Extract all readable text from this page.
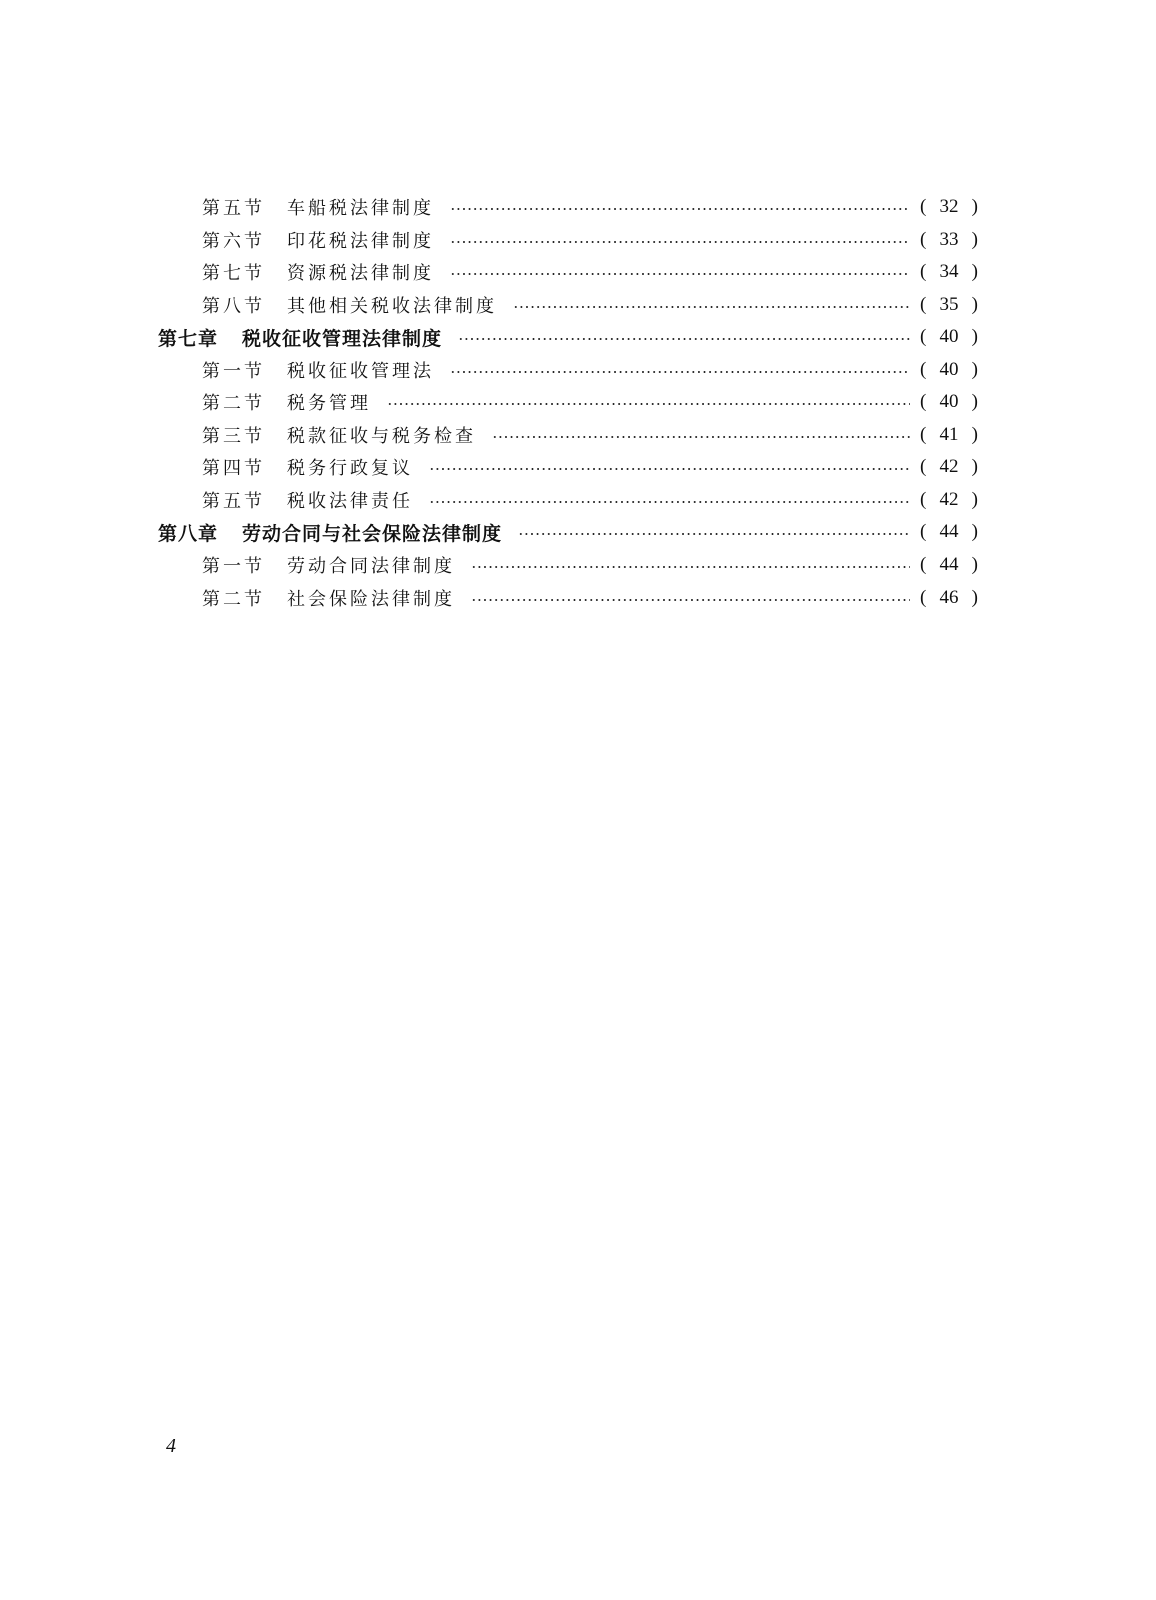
第五节	车船税法律制度	( 32 )
第六节	印花税法律制度	( 33 )
第七节	资源税法律制度	( 34 )
第八节	其他相关税收法律制度	( 35 )
第七章	税收征收管理法律制度	( 40 )
第一节	税收征收管理法	( 40 )
第二节	税务管理	( 40 )
第三节	税款征收与税务检查	( 41 )
第四节	税务行政复议	( 42 )
第五节	税收法律责任	( 42 )
第八章	劳动合同与社会保险法律制度	( 44 )
第一节	劳动合同法律制度	( 44 )
第二节	社会保险法律制度	( 46 )
4
